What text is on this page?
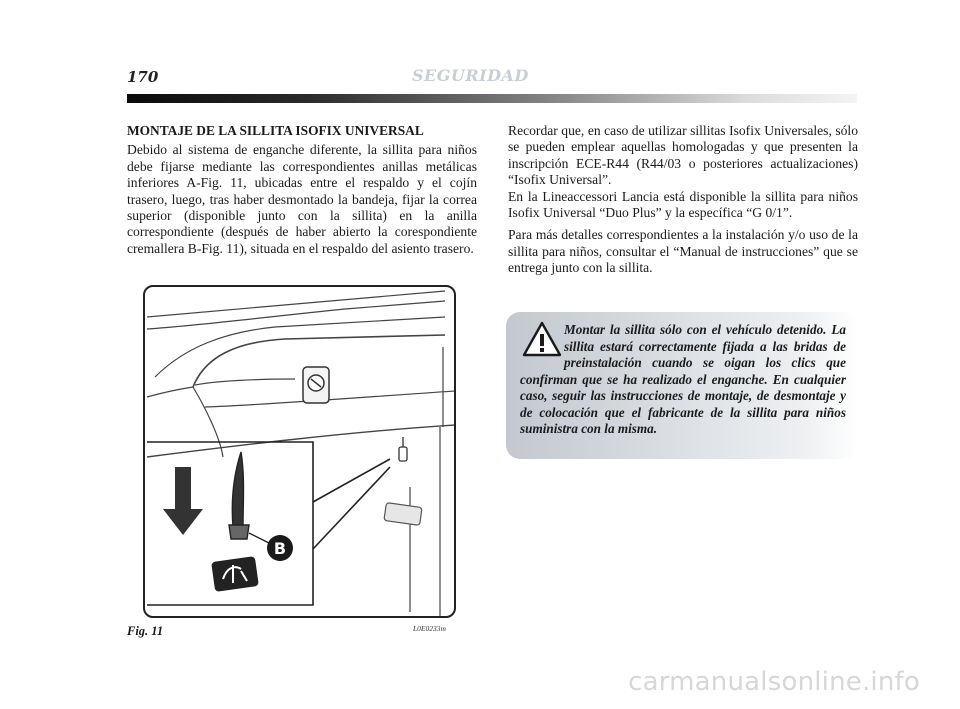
170	SEGURIDAD
MONTAJE DE LA SILLITA ISOFIX UNIVERSAL

Debido al sistema de enganche diferente, la sillita para niños debe fijarse mediante las correspondientes anillas metálicas inferiores A-Fig. 11, ubicadas entre el respaldo y el cojín trasero, luego, tras haber desmontado la bandeja, fijar la correa superior (disponible junto con la sillita) en la anilla correspondiente (después de haber abierto la corespondiente cremallera B-Fig. 11), situada en el respaldo del asiento trasero.

Recordar que, en caso de utilizar sillitas Isofix Universales, sólo se pueden emplear aquellas homologadas y que presenten la inscripción ECE-R44 (R44/03 o posteriores actualizaciones) “Isofix Universal”.

En la Lineaccessori Lancia está disponible la sillita para niños Isofix Universal “Duo Plus” y la específica “G 0/1”.

Para más detalles correspondientes a la instalación y/o uso de la sillita para niños, consultar el “Manual de instrucciones” que se entrega junto con la sillita.

B
Fig. 11	L0E0233m
Montar la sillita sólo con el vehículo detenido. La sillita estará correctamente fijada a las bridas de preinstalación cuando se oigan los clics que confirman que se ha realizado el enganche. En cualquier caso, seguir las instrucciones de montaje, de desmontaje y de colocación que el fabricante de la sillita para niños suministra con la misma.
carmanualsonline.info
